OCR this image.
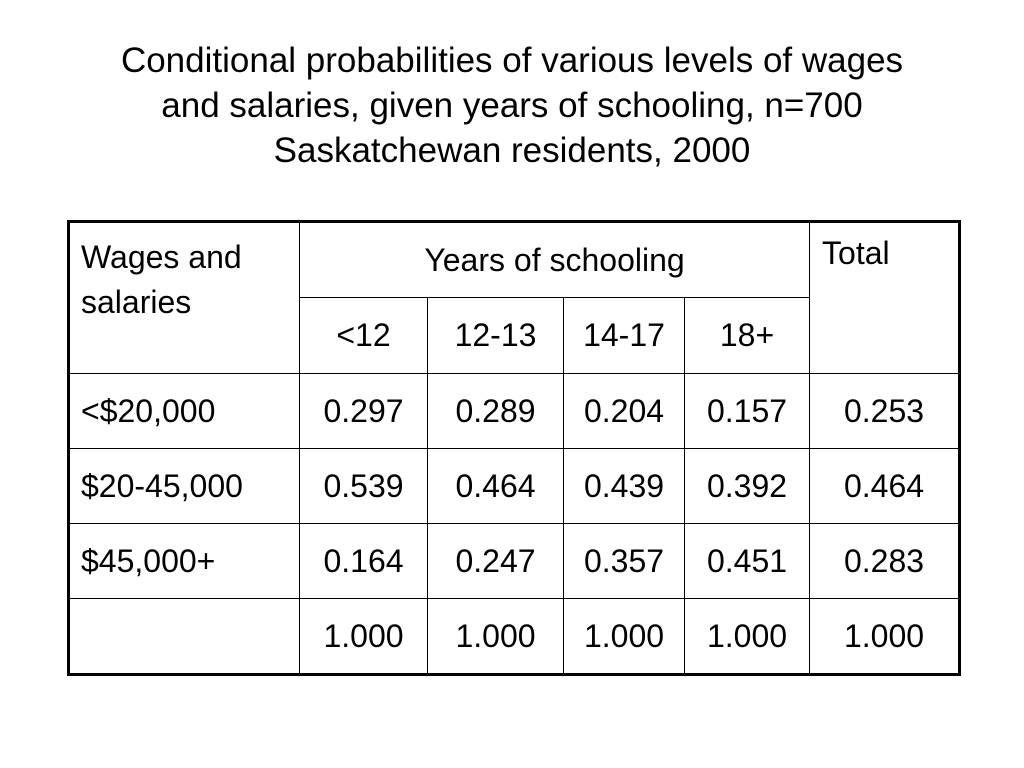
Conditional probabilities of various levels of wages
and salaries, given years of schooling, n=700
Saskatchewan residents, 2000
Wages and salaries	Years of schooling				Total
	<12	12-13	14-17	18+	
<$20,000	0.297	0.289	0.204	0.157	0.253
$20-45,000	0.539	0.464	0.439	0.392	0.464
$45,000+	0.164	0.247	0.357	0.451	0.283
	1.000	1.000	1.000	1.000	1.000
